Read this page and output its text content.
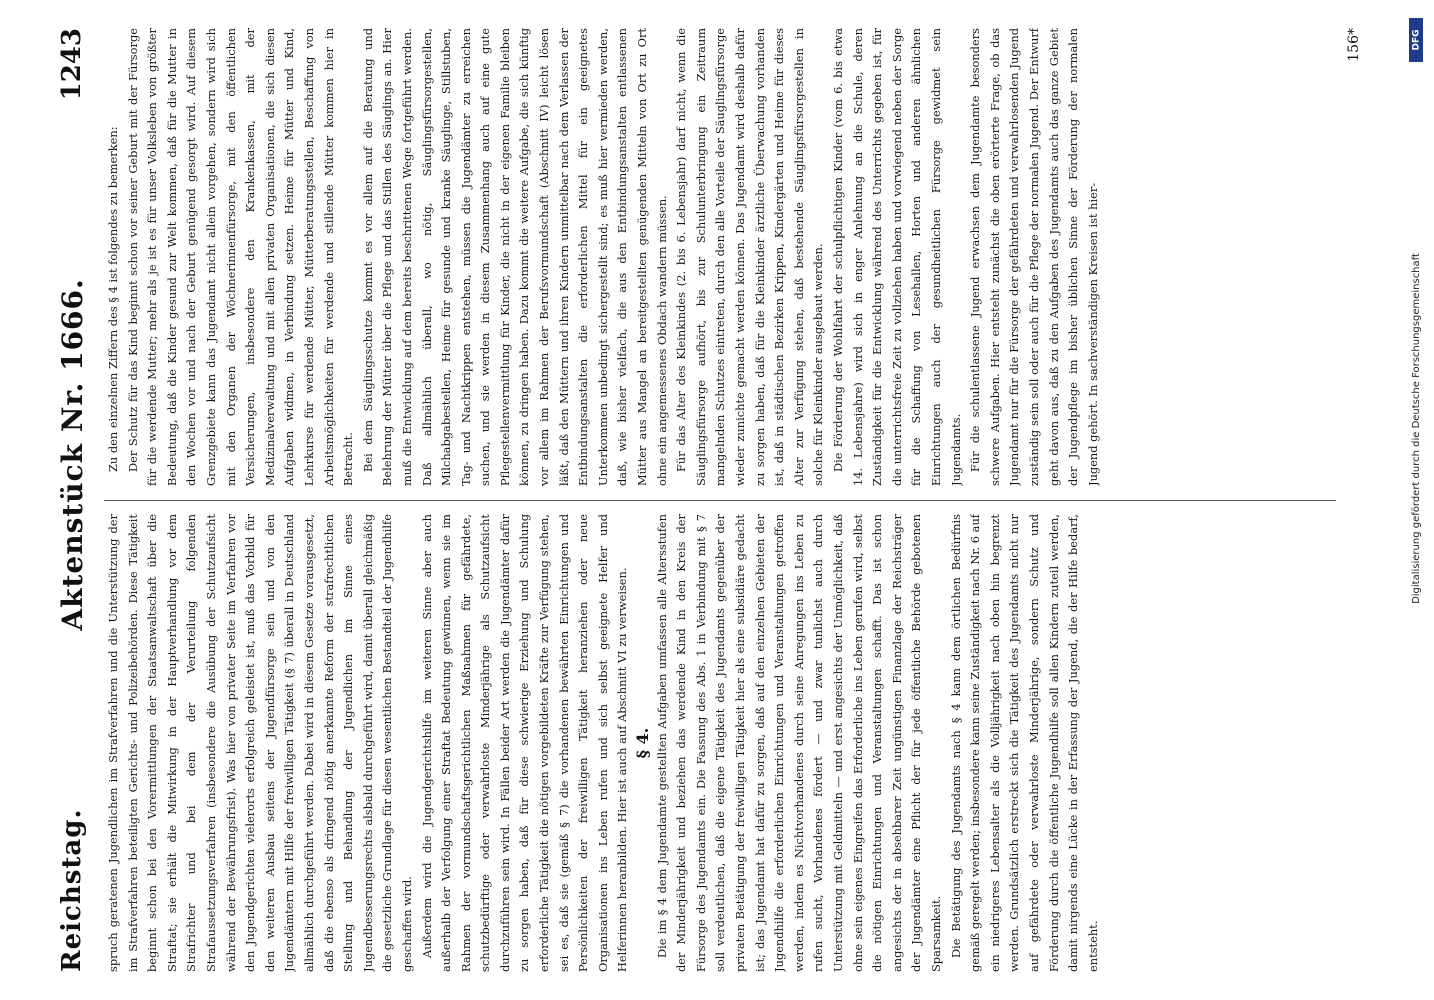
Reichstag.
Aktenstück Nr. 1666.
1243

spruch geratenen Jugendlichen im Strafverfahren und die Unterstützung der im Strafverfahren beteiligten Gerichts- und Polizeibehörden. Diese Tätigkeit beginnt schon bei den Vorermittlungen der Staatsanwaltschaft über die Straftat; sie erhält die Mitwirkung in der Hauptverhandlung vor dem Strafrichter und bei dem der Verurteilung folgenden Strafaussetzungsverfahren (insbesondere die Ausübung der Schutzaufsicht während der Bewährungsfrist). Was hier von privater Seite im Verfahren vor den Jugendgerichten vielerorts erfolgreich geleistet ist, muß das Vorbild für den weiteren Ausbau seitens der Jugendfürsorge sein und von den Jugendämtern mit Hilfe der freiwilligen Tätigkeit (§ 7) überall in Deutschland allmählich durchgeführt werden. Dabei wird in diesem Gesetze vorausgesetzt, daß die ebenso als dringend nötig anerkannte Reform der strafrechtlichen Stellung und Behandlung der Jugendlichen im Sinne eines Jugendbesserungsrechts alsbald durchgeführt wird, damit überall gleichmäßig die gesetzliche Grundlage für diesen wesentlichen Bestandteil der Jugendhilfe geschaffen wird. Außerdem wird die Jugendgerichtshilfe im weiteren Sinne aber auch außerhalb der Verfolgung einer Straftat Bedeutung gewinnen, wenn sie im Rahmen der vormundschaftsgerichtlichen Maßnahmen für gefährdete, schutzbedürftige oder verwahrloste Minderjährige als Schutzaufsicht durchzuführen sein wird. In Fällen beider Art werden die Jugendämter dafür zu sorgen haben, daß für diese schwierige Erziehung und Schulung erforderliche Tätigkeit die nötigen vorgebildeten Kräfte zur Verfügung stehen, sei es, daß sie (gemäß § 7) die vorhandenen bewährten Einrichtungen und Persönlichkeiten der freiwilligen Tätigkeit heranziehen oder neue Organisationen ins Leben rufen und sich selbst geeignete Helfer und Helferinnen heranbilden. Hier ist auch auf Abschnitt VI zu verweisen. § 4. Die im § 4 dem Jugendamte gestellten Aufgaben umfassen alle Altersstufen der Minderjährigkeit und beziehen das werdende Kind in den Kreis der Fürsorge des Jugendamts ein. Die Fassung des Abs. 1 in Verbindung mit § 7 soll verdeutlichen, daß die eigene Tätigkeit des Jugendamts gegenüber der privaten Betätigung der freiwilligen Tätigkeit hier als eine subsidiäre gedacht ist; das Jugendamt hat dafür zu sorgen, daß auf den einzelnen Gebieten der Jugendhilfe die erforderlichen Einrichtungen und Veranstaltungen getroffen werden, indem es Nichtvorhandenes durch seine Anregungen ins Leben zu rufen sucht, Vorhandenes fördert — und zwar tunlichst auch durch Unterstützung mit Geldmitteln — und erst angesichts der Unmöglichkeit, daß ohne sein eigenes Eingreifen das Erforderliche ins Leben gerufen wird, selbst die nötigen Einrichtungen und Veranstaltungen schafft. Das ist schon angesichts der in absehbarer Zeit ungünstigen Finanzlage der Reichsträger der Jugendämter eine Pflicht der für jede öffentliche Behörde gebotenen Sparsamkeit. Die Betätigung des Jugendamts nach § 4 kann dem örtlichen Bedürfnis gemäß geregelt werden; insbesondere kann seine Zuständigkeit nach Nr. 6 auf ein niedrigeres Lebensalter als die Volljährigkeit nach oben hin begrenzt werden. Grundsätzlich erstreckt sich die Tätigkeit des Jugendamts nicht nur auf gefährdete oder verwahrloste Minderjährige, sondern Schutz und Förderung durch die öffentliche Jugendhilfe soll allen Kindern zuteil werden, damit nirgends eine Lücke in der Erfassung der Jugend, die der Hilfe bedarf, entsteht.

Zu den einzelnen Ziffern des § 4 ist folgendes zu bemerken: Der Schutz für das Kind beginnt schon vor seiner Geburt mit der Fürsorge für die werdende Mutter; mehr als je ist es für unser Volksleben von größter Bedeutung, daß die Kinder gesund zur Welt kommen, daß für die Mutter in den Wochen vor und nach der Geburt genügend gesorgt wird. Auf diesem Grenzgebiete kann das Jugendamt nicht allein vorgehen, sondern wird sich mit den Organen der Wöchnerinnenfürsorge, mit den öffentlichen Versicherungen, insbesondere den Krankenkassen, mit der Medizinalverwaltung und mit allen privaten Organisationen, die sich diesen Aufgaben widmen, in Verbindung setzen. Heime für Mütter und Kind, Lehrkurse für werdende Mütter, Mütterberatungsstellen, Beschaffung von Arbeitsmöglichkeiten für werdende und stillende Mütter kommen hier in Betracht. Bei dem Säuglingsschutze kommt es vor allem auf die Beratung und Belehrung der Mütter über die Pflege und das Stillen des Säuglings an. Hier muß die Entwicklung auf dem bereits beschrittenen Wege fortgeführt werden. Daß allmählich überall, wo nötig, Säuglingsfürsorgestellen, Milchabgabestellen, Heime für gesunde und kranke Säuglinge, Stillstuben, Tag- und Nachtkrippen entstehen, müssen die Jugendämter zu erreichen suchen, und sie werden in diesem Zusammenhang auch auf eine gute Pflegestellenvermittlung für Kinder, die nicht in der eigenen Familie bleiben können, zu dringen haben. Dazu kommt die weitere Aufgabe, die sich künftig vor allem im Rahmen der Berufsvormundschaft (Abschnitt IV) leicht lösen läßt, daß den Müttern und ihren Kindern unmittelbar nach dem Verlassen der Entbindungsanstalten die erforderlichen Mittel für ein geeignetes Unterkommen unbedingt sichergestellt sind; es muß hier vermieden werden, daß, wie bisher vielfach, die aus den Entbindungsanstalten entlassenen Mütter aus Mangel an bereitgestellten genügenden Mitteln von Ort zu Ort ohne ein angemessenes Obdach wandern müssen. Für das Alter des Kleinkindes (2. bis 6. Lebensjahr) darf nicht, wenn die Säuglingsfürsorge aufhört, bis zur Schulunterbringung ein Zeitraum mangelnden Schutzes eintreten, durch den alle Vorteile der Säuglingsfürsorge wieder zunichte gemacht werden können. Das Jugendamt wird deshalb dafür zu sorgen haben, daß für die Kleinkinder ärztliche Überwachung vorhanden ist, daß in städtischen Bezirken Krippen, Kindergärten und Heime für dieses Alter zur Verfügung stehen, daß bestehende Säuglingsfürsorgestellen in solche für Kleinkinder ausgebaut werden. Die Förderung der Wohlfahrt der schulpflichtigen Kinder (vom 6. bis etwa 14. Lebensjahre) wird sich in enger Anlehnung an die Schule, deren Zuständigkeit für die Entwicklung während des Unterrichts gegeben ist, für die unterrichtsfreie Zeit zu vollziehen haben und vorwiegend neben der Sorge für die Schaffung von Lesehallen, Horten und anderen ähnlichen Einrichtungen auch der gesundheitlichen Fürsorge gewidmet sein Jugendamts. Für die schulentlassene Jugend erwachsen dem Jugendamte besonders schwere Aufgaben. Hier entsteht zunächst die oben erörterte Frage, ob das Jugendamt nur für die Fürsorge der gefährdeten und verwahrlosenden Jugend zuständig sein soll oder auch für die Pflege der normalen Jugend. Der Entwurf geht davon aus, daß zu den Aufgaben des Jugendamts auch das ganze Gebiet der Jugendpflege im bisher üblichen Sinne der Förderung der normalen Jugend gehört. In sachverständigen Kreisen ist hier-

156*	DFG
Digitalisierung gefördert durch die Deutsche Forschungsgemeinschaft
